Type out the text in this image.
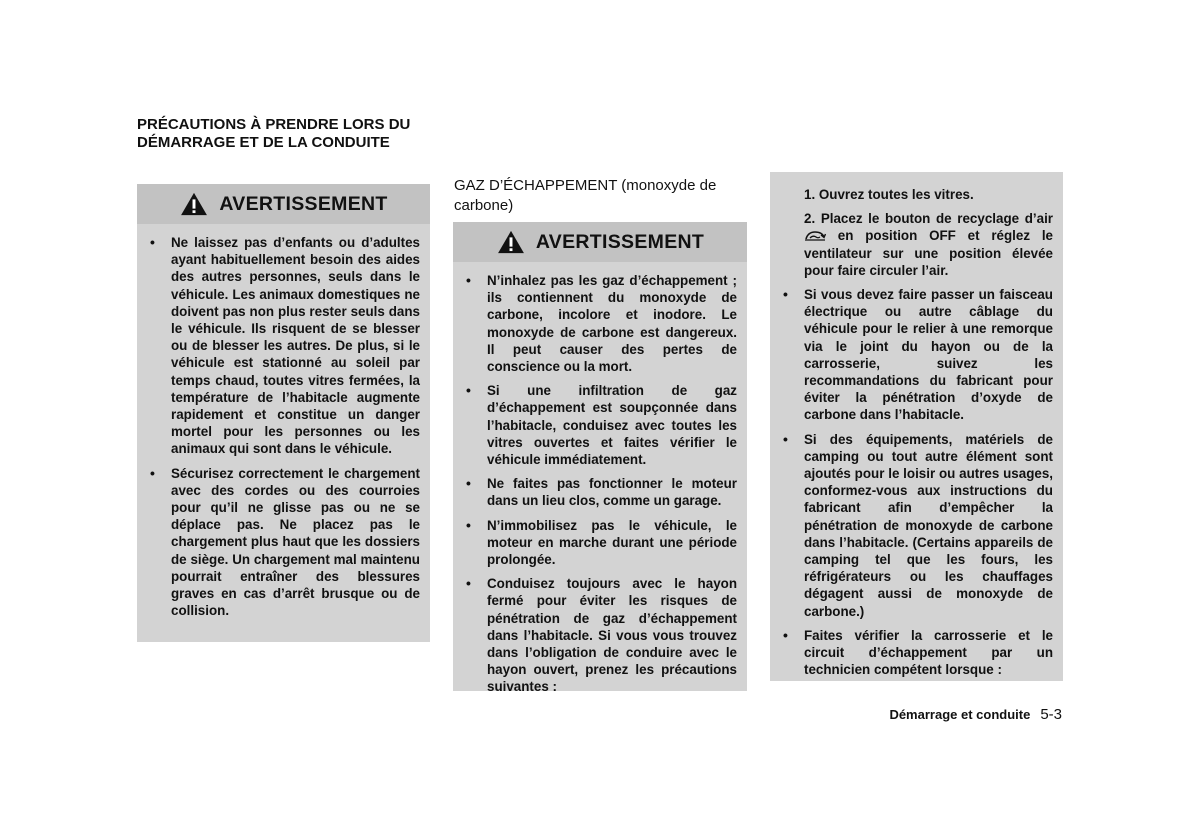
PRÉCAUTIONS À PRENDRE LORS DU DÉMARRAGE ET DE LA CONDUITE
AVERTISSEMENT
• Ne laissez pas d’enfants ou d’adultes ayant habituellement besoin des aides des autres personnes, seuls dans le véhicule. Les animaux domestiques ne doivent pas non plus rester seuls dans le véhicule. Ils risquent de se blesser ou de blesser les autres. De plus, si le véhicule est stationné au soleil par temps chaud, toutes vitres fermées, la température de l’habitacle augmente rapidement et constitue un danger mortel pour les personnes ou les animaux qui sont dans le véhicule.
• Sécurisez correctement le chargement avec des cordes ou des courroies pour qu’il ne glisse pas ou ne se déplace pas. Ne placez pas le chargement plus haut que les dossiers de siège. Un chargement mal maintenu pourrait entraîner des blessures graves en cas d’arrêt brusque ou de collision.
GAZ D’ÉCHAPPEMENT (monoxyde de carbone)
AVERTISSEMENT
• N’inhalez pas les gaz d’échappement ; ils contiennent du monoxyde de carbone, incolore et inodore. Le monoxyde de carbone est dangereux. Il peut causer des pertes de conscience ou la mort.
• Si une infiltration de gaz d’échappement est soupçonnée dans l’habitacle, conduisez avec toutes les vitres ouvertes et faites vérifier le véhicule immédiatement.
• Ne faites pas fonctionner le moteur dans un lieu clos, comme un garage.
• N’immobilisez pas le véhicule, le moteur en marche durant une période prolongée.
• Conduisez toujours avec le hayon fermé pour éviter les risques de pénétration de gaz d’échappement dans l’habitacle. Si vous vous trouvez dans l’obligation de conduire avec le hayon ouvert, prenez les précautions suivantes :

1. Ouvrez toutes les vitres.

2. Placez le bouton de recyclage d’air  en position OFF et réglez le ventilateur sur une position élevée pour faire circuler l’air.

• Si vous devez faire passer un faisceau électrique ou autre câblage du véhicule pour le relier à une remorque via le joint du hayon ou de la carrosserie, suivez les recommandations du fabricant pour éviter la pénétration d’oxyde de carbone dans l’habitacle.
• Si des équipements, matériels de camping ou tout autre élément sont ajoutés pour le loisir ou autres usages, conformez-vous aux instructions du fabricant afin d’empêcher la pénétration de monoxyde de carbone dans l’habitacle. (Certains appareils de camping tel que les fours, les réfrigérateurs ou les chauffages dégagent aussi de monoxyde de carbone.)
• Faites vérifier la carrosserie et le circuit d’échappement par un technicien compétent lorsque :
Démarrage et conduite 5-3
